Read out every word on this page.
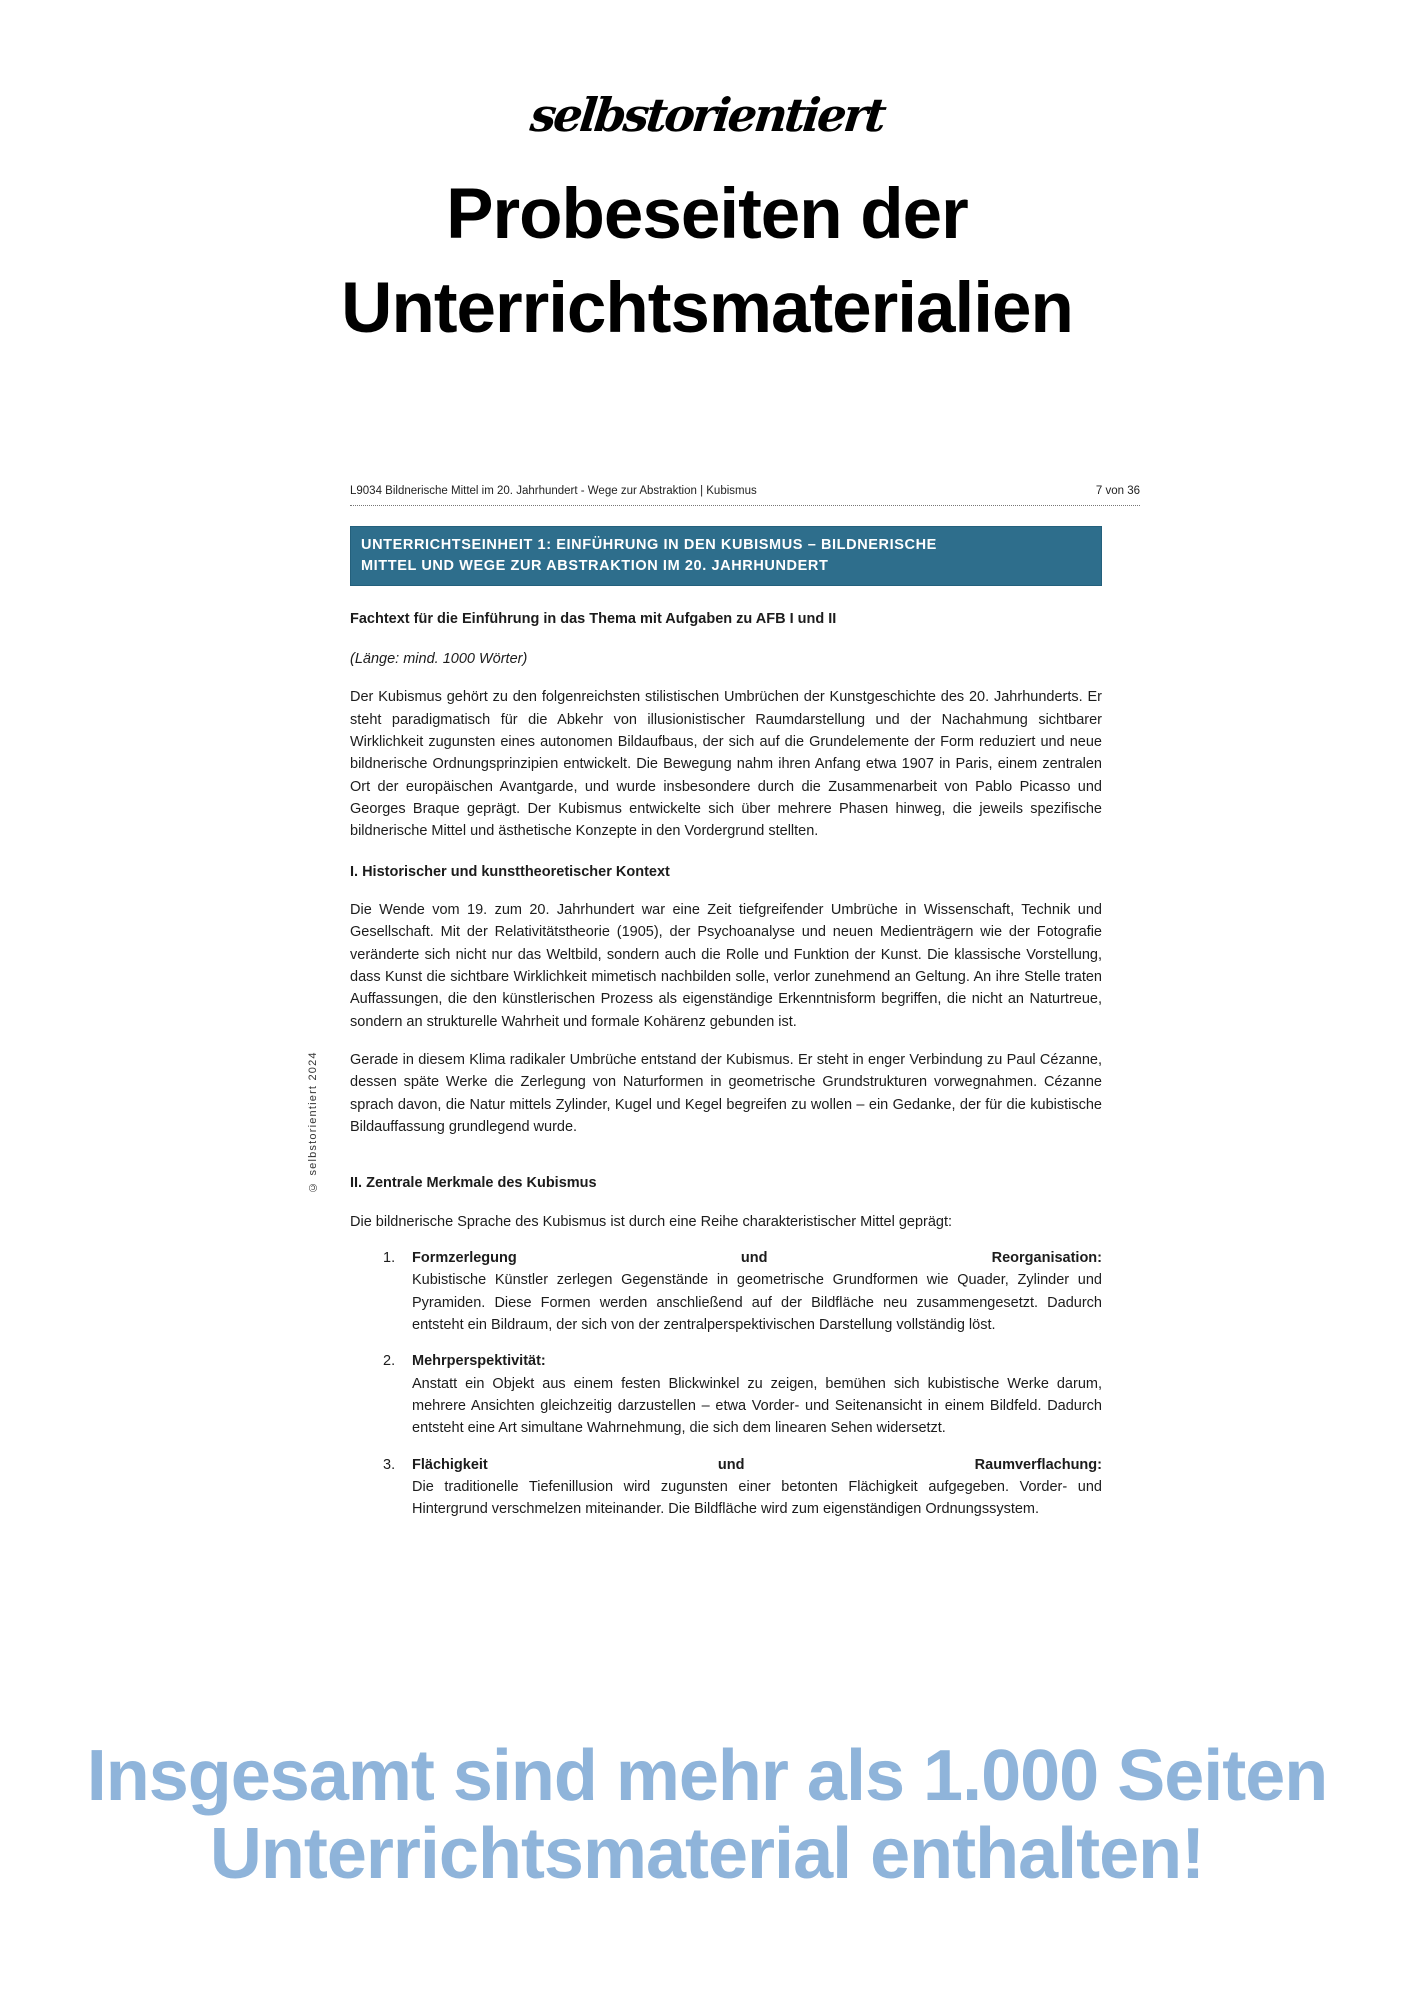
selbstorientiert
Probeseiten der
Unterrichtsmaterialien
© selbstorientiert 2024
L9034 Bildnerische Mittel im 20. Jahrhundert - Wege zur Abstraktion | Kubismus	7 von 36
UNTERRICHTSEINHEIT 1: EINFÜHRUNG IN DEN KUBISMUS – BILDNERISCHE
MITTEL UND WEGE ZUR ABSTRAKTION IM 20. JAHRHUNDERT
Fachtext für die Einführung in das Thema mit Aufgaben zu AFB I und II
(Länge: mind. 1000 Wörter)

Der Kubismus gehört zu den folgenreichsten stilistischen Umbrüchen der Kunstgeschichte des 20. Jahrhunderts. Er steht paradigmatisch für die Abkehr von illusionistischer Raumdarstellung und der Nachahmung sichtbarer Wirklichkeit zugunsten eines autonomen Bildaufbaus, der sich auf die Grundelemente der Form reduziert und neue bildnerische Ordnungsprinzipien entwickelt. Die Bewegung nahm ihren Anfang etwa 1907 in Paris, einem zentralen Ort der europäischen Avantgarde, und wurde insbesondere durch die Zusammenarbeit von Pablo Picasso und Georges Braque geprägt. Der Kubismus entwickelte sich über mehrere Phasen hinweg, die jeweils spezifische bildnerische Mittel und ästhetische Konzepte in den Vordergrund stellten.

I. Historischer und kunsttheoretischer Kontext

Die Wende vom 19. zum 20. Jahrhundert war eine Zeit tiefgreifender Umbrüche in Wissenschaft, Technik und Gesellschaft. Mit der Relativitätstheorie (1905), der Psychoanalyse und neuen Medienträgern wie der Fotografie veränderte sich nicht nur das Weltbild, sondern auch die Rolle und Funktion der Kunst. Die klassische Vorstellung, dass Kunst die sichtbare Wirklichkeit mimetisch nachbilden solle, verlor zunehmend an Geltung. An ihre Stelle traten Auffassungen, die den künstlerischen Prozess als eigenständige Erkenntnisform begriffen, die nicht an Naturtreue, sondern an strukturelle Wahrheit und formale Kohärenz gebunden ist.

Gerade in diesem Klima radikaler Umbrüche entstand der Kubismus. Er steht in enger Verbindung zu Paul Cézanne, dessen späte Werke die Zerlegung von Naturformen in geometrische Grundstrukturen vorwegnahmen. Cézanne sprach davon, die Natur mittels Zylinder, Kugel und Kegel begreifen zu wollen – ein Gedanke, der für die kubistische Bildauffassung grundlegend wurde.

II. Zentrale Merkmale des Kubismus

Die bildnerische Sprache des Kubismus ist durch eine Reihe charakteristischer Mittel geprägt:

1. Formzerlegung	und	Reorganisation:
Kubistische Künstler zerlegen Gegenstände in geometrische Grundformen wie Quader, Zylinder und Pyramiden. Diese Formen werden anschließend auf der Bildfläche neu zusammengesetzt. Dadurch entsteht ein Bildraum, der sich von der zentralperspektivischen Darstellung vollständig löst.
2. Mehrperspektivität:
Anstatt ein Objekt aus einem festen Blickwinkel zu zeigen, bemühen sich kubistische Werke darum, mehrere Ansichten gleichzeitig darzustellen – etwa Vorder- und Seitenansicht in einem Bildfeld. Dadurch entsteht eine Art simultane Wahrnehmung, die sich dem linearen Sehen widersetzt.
3. Flächigkeit	und	Raumverflachung:
Die traditionelle Tiefenillusion wird zugunsten einer betonten Flächigkeit aufgegeben. Vorder- und Hintergrund verschmelzen miteinander. Die Bildfläche wird zum eigenständigen Ordnungssystem.
Insgesamt sind mehr als 1.000 Seiten
Unterrichtsmaterial enthalten!
